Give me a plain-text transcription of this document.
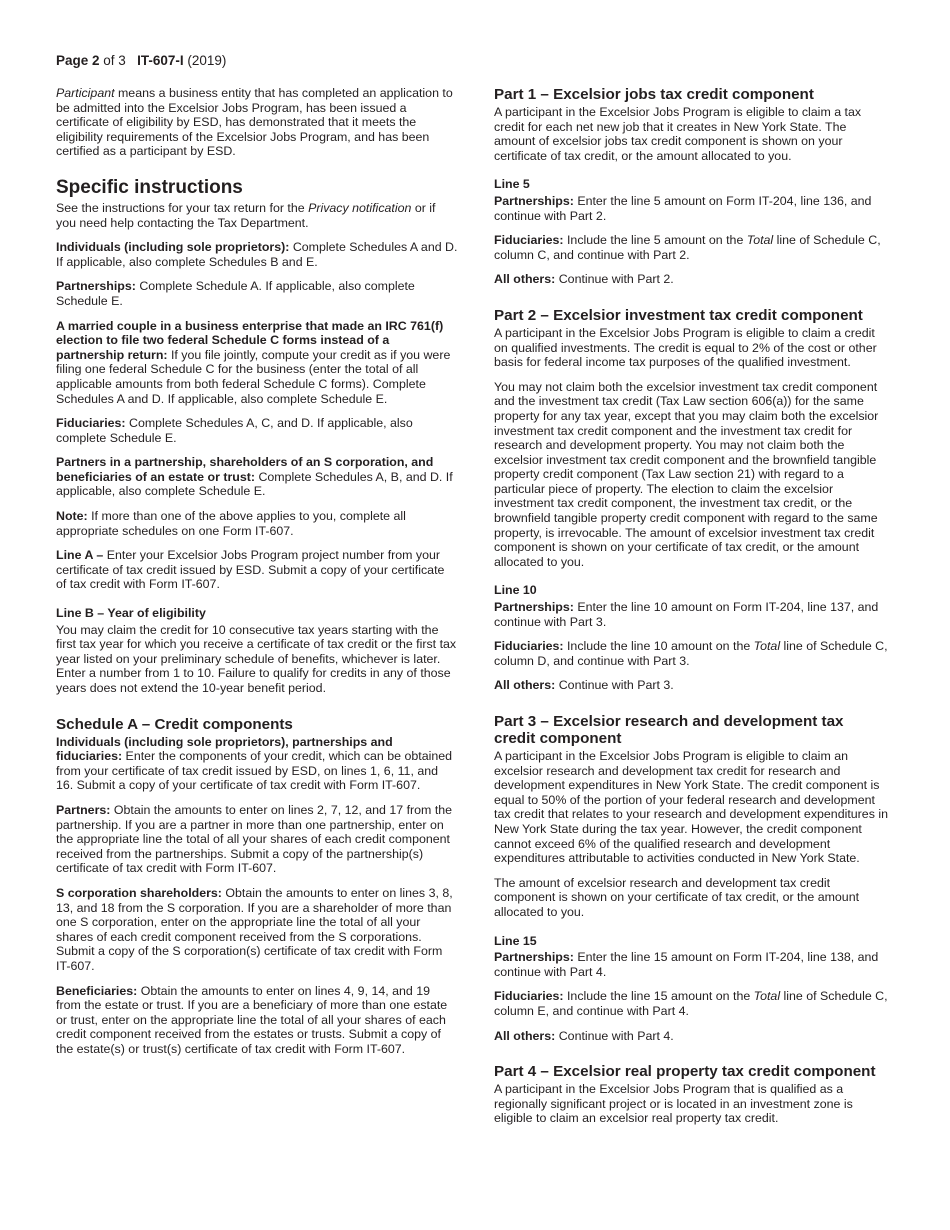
Page 2 of 3 IT-607-I (2019)

Participant means a business entity that has completed an application to be admitted into the Excelsior Jobs Program, has been issued a certificate of eligibility by ESD, has demonstrated that it meets the eligibility requirements of the Excelsior Jobs Program, and has been certified as a participant by ESD.

Specific instructions

See the instructions for your tax return for the Privacy notification or if you need help contacting the Tax Department.

Individuals (including sole proprietors): Complete Schedules A and D. If applicable, also complete Schedules B and E.

Partnerships: Complete Schedule A. If applicable, also complete Schedule E.

A married couple in a business enterprise that made an IRC 761(f) election to file two federal Schedule C forms instead of a partnership return: If you file jointly, compute your credit as if you were filing one federal Schedule C for the business (enter the total of all applicable amounts from both federal Schedule C forms). Complete Schedules A and D. If applicable, also complete Schedule E.

Fiduciaries: Complete Schedules A, C, and D. If applicable, also complete Schedule E.

Partners in a partnership, shareholders of an S corporation, and beneficiaries of an estate or trust: Complete Schedules A, B, and D. If applicable, also complete Schedule E.

Note: If more than one of the above applies to you, complete all appropriate schedules on one Form IT-607.

Line A – Enter your Excelsior Jobs Program project number from your certificate of tax credit issued by ESD. Submit a copy of your certificate of tax credit with Form IT-607.

Line B – Year of eligibility

You may claim the credit for 10 consecutive tax years starting with the first tax year for which you receive a certificate of tax credit or the first tax year listed on your preliminary schedule of benefits, whichever is later. Enter a number from 1 to 10. Failure to qualify for credits in any of those years does not extend the 10-year benefit period.

Schedule A – Credit components

Individuals (including sole proprietors), partnerships and fiduciaries: Enter the components of your credit, which can be obtained from your certificate of tax credit issued by ESD, on lines 1, 6, 11, and 16. Submit a copy of your certificate of tax credit with Form IT-607.

Partners: Obtain the amounts to enter on lines 2, 7, 12, and 17 from the partnership. If you are a partner in more than one partnership, enter on the appropriate line the total of all your shares of each credit component received from the partnerships. Submit a copy of the partnership(s) certificate of tax credit with Form IT-607.

S corporation shareholders: Obtain the amounts to enter on lines 3, 8, 13, and 18 from the S corporation. If you are a shareholder of more than one S corporation, enter on the appropriate line the total of all your shares of each credit component received from the S corporations. Submit a copy of the S corporation(s) certificate of tax credit with Form IT-607.

Beneficiaries: Obtain the amounts to enter on lines 4, 9, 14, and 19 from the estate or trust. If you are a beneficiary of more than one estate or trust, enter on the appropriate line the total of all your shares of each credit component received from the estates or trusts. Submit a copy of the estate(s) or trust(s) certificate of tax credit with Form IT-607.

Part 1 – Excelsior jobs tax credit component

A participant in the Excelsior Jobs Program is eligible to claim a tax credit for each net new job that it creates in New York State. The amount of excelsior jobs tax credit component is shown on your certificate of tax credit, or the amount allocated to you.

Line 5

Partnerships: Enter the line 5 amount on Form IT-204, line 136, and continue with Part 2.

Fiduciaries: Include the line 5 amount on the Total line of Schedule C, column C, and continue with Part 2.

All others: Continue with Part 2.

Part 2 – Excelsior investment tax credit component

A participant in the Excelsior Jobs Program is eligible to claim a credit on qualified investments. The credit is equal to 2% of the cost or other basis for federal income tax purposes of the qualified investment.

You may not claim both the excelsior investment tax credit component and the investment tax credit (Tax Law section 606(a)) for the same property for any tax year, except that you may claim both the excelsior investment tax credit component and the investment tax credit for research and development property. You may not claim both the excelsior investment tax credit component and the brownfield tangible property credit component (Tax Law section 21) with regard to a particular piece of property. The election to claim the excelsior investment tax credit component, the investment tax credit, or the brownfield tangible property credit component with regard to the same property, is irrevocable. The amount of excelsior investment tax credit component is shown on your certificate of tax credit, or the amount allocated to you.

Line 10

Partnerships: Enter the line 10 amount on Form IT-204, line 137, and continue with Part 3.

Fiduciaries: Include the line 10 amount on the Total line of Schedule C, column D, and continue with Part 3.

All others: Continue with Part 3.

Part 3 – Excelsior research and development tax credit component

A participant in the Excelsior Jobs Program is eligible to claim an excelsior research and development tax credit for research and development expenditures in New York State. The credit component is equal to 50% of the portion of your federal research and development tax credit that relates to your research and development expenditures in New York State during the tax year. However, the credit component cannot exceed 6% of the qualified research and development expenditures attributable to activities conducted in New York State.

The amount of excelsior research and development tax credit component is shown on your certificate of tax credit, or the amount allocated to you.

Line 15

Partnerships: Enter the line 15 amount on Form IT-204, line 138, and continue with Part 4.

Fiduciaries: Include the line 15 amount on the Total line of Schedule C, column E, and continue with Part 4.

All others: Continue with Part 4.

Part 4 – Excelsior real property tax credit component

A participant in the Excelsior Jobs Program that is qualified as a regionally significant project or is located in an investment zone is eligible to claim an excelsior real property tax credit.
